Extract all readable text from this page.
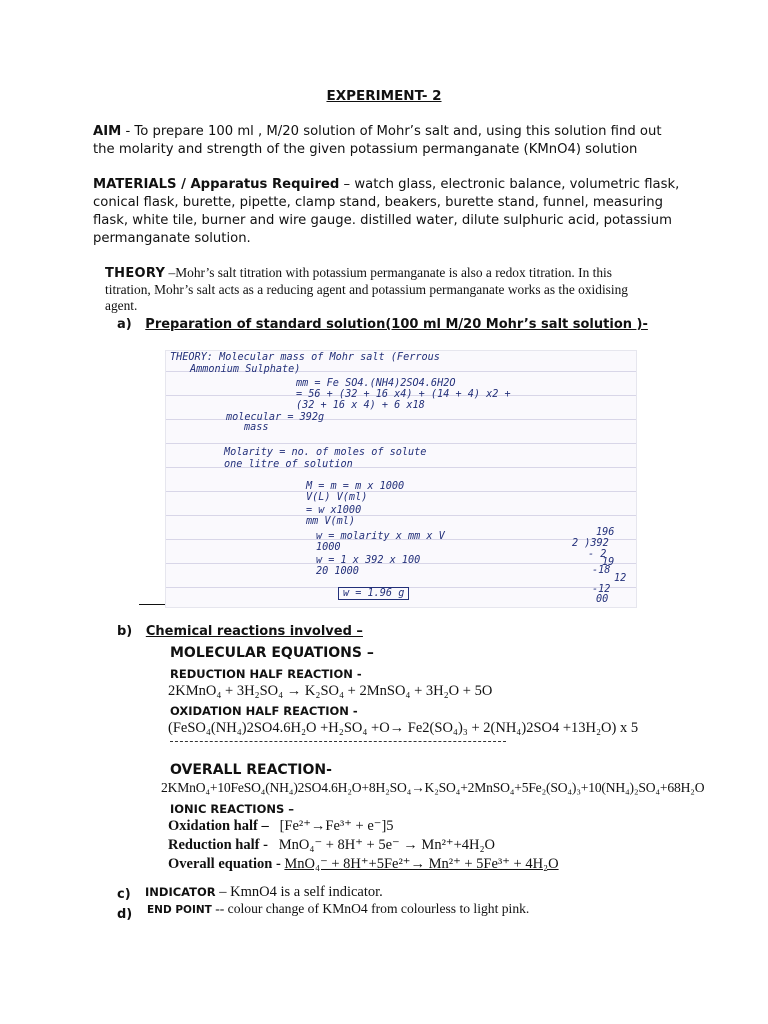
EXPERIMENT- 2
AIM - To prepare 100 ml , M/20 solution of Mohr’s salt and, using this solution find out
the molarity and strength of the given potassium permanganate (KMnO4) solution
MATERIALS / Apparatus Required – watch glass, electronic balance, volumetric flask,
conical flask, burette, pipette, clamp stand, beakers, burette stand, funnel, measuring
flask, white tile, burner and wire gauge. distilled water, dilute sulphuric acid, potassium
permanganate solution.
THEORY –Mohr’s salt titration with potassium permanganate is also a redox titration. In this
titration, Mohr’s salt acts as a reducing agent and potassium permanganate works as the oxidising
agent.
a) Preparation of standard solution(100 ml M/20 Mohr’s salt solution )-
THEORY: Molecular mass of Mohr salt (Ferrous
Ammonium Sulphate)
mm = Fe SO4.(NH4)2SO4.6H2O
= 56 + (32 + 16 x4) + (14 + 4) x2 +
(32 + 16 x 4) + 6 x18
molecular = 392g
mass
Molarity = no. of moles of solute
one litre of solution
M = m = m x 1000
V(L) V(ml)
= w x1000
mm V(ml)
w = molarity x mm x V
1000
w = 1 x 392 x 100
20 1000
w = 1.96 g
196
2 )392
- 2
19
-18
12
-12
00
b) Chemical reactions involved –
MOLECULAR EQUATIONS –
REDUCTION HALF REACTION -
2KMnO₄ + 3H₂SO₄ → K₂SO₄ + 2MnSO₄ + 3H₂O + 5O
OXIDATION HALF REACTION -
(FeSO₄(NH₄)2SO4.6H₂O +H₂SO₄ +O→ Fe2(SO₄)₃ + 2(NH₄)2SO4 +13H₂O) x 5
OVERALL REACTION-
2KMnO₄+10FeSO₄(NH₄)2SO4.6H₂O+8H₂SO₄→K₂SO₄+2MnSO₄+5Fe₂(SO₄)₃+10(NH₄)₂SO₄+68H₂O
IONIC REACTIONS –
Oxidation half – [Fe²⁺→Fe³⁺ + e⁻]5
Reduction half - MnO₄⁻ + 8H⁺ + 5e⁻ → Mn²⁺+4H₂O
Overall equation - MnO₄⁻ + 8H⁺+5Fe²⁺→ Mn²⁺ + 5Fe³⁺ + 4H₂O
c) INDICATOR – KmnO4 is a self indicator.
d) END POINT -- colour change of KMnO4 from colourless to light pink.
